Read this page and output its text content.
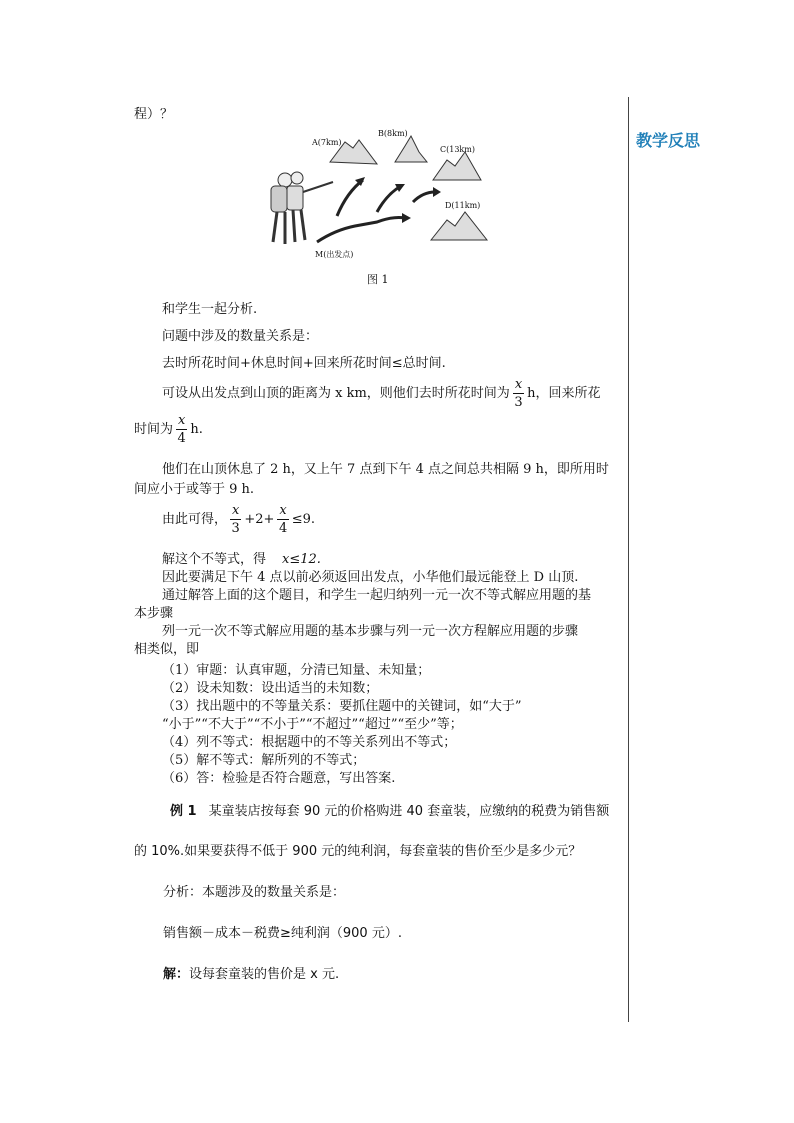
教学反思
程）？
A(7km)
B(8km)
C(13km)
D(11km)
M(出发点)
图 1
和学生一起分析.
问题中涉及的数量关系是：
去时所花时间+休息时间+回来所花时间≤总时间.
可设从出发点到山顶的距离为 x km，则他们去时所花时间为 $\frac{x}{3}$ h，回来所花
时间为 $\frac{x}{4} h$.
他们在山顶休息了 2 h，又上午 7 点到下午 4 点之间总共相隔 9 h，即所用时
间应小于或等于 9 h.
由此可得， $\frac{x}{3} +2+ \frac{x}{4} \le 9$.
解这个不等式，得 x≤12.
因此要满足下午 4 点以前必须返回出发点，小华他们最远能登上 D 山顶.
通过解答上面的这个题目，和学生一起归纳列一元一次不等式解应用题的基
本步骤
列一元一次不等式解应用题的基本步骤与列一元一次方程解应用题的步骤
相类似，即
（1）审题：认真审题，分清已知量、未知量；
（2）设未知数：设出适当的未知数；
（3）找出题中的不等量关系：要抓住题中的关键词，如“大于”
“小于”“不大于”“不小于”“不超过”“超过”“至少”等；
（4）列不等式：根据题中的不等关系列出不等式；
（5）解不等式：解所列的不等式；
（6）答：检验是否符合题意，写出答案.
例 1 某童装店按每套 90 元的价格购进 40 套童装，应缴纳的税费为销售额
的 10%.如果要获得不低于 900 元的纯利润，每套童装的售价至少是多少元？
分析：本题涉及的数量关系是：
销售额－成本－税费≥纯利润（900 元）.
解：设每套童装的售价是 x 元.
